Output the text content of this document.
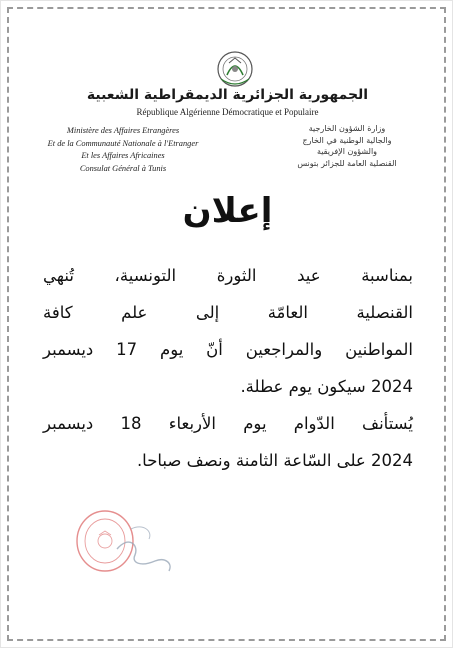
الجمهورية الجزائرية الديمقراطية الشعبية
République Algérienne Démocratique et Populaire
Ministère des Affaires Etrangères
Et de la Communauté Nationale à l'Etranger
Et les Affaires Africaines
Consulat Général à Tunis
وزارة الشؤون الخارجية
والجالية الوطنية في الخارج
والشؤون الإفريقية
القنصلية العامة للجزائر بتونس
إعلان
بمناسبة عيد الثورة التونسية، تُنهي
القنصلية العامّة إلى علم كافة
المواطنين والمراجعين أنّ يوم 17 ديسمبر
2024 سيكون يوم عطلة.
يُستأنف الدّوام يوم الأربعاء 18 ديسمبر
2024 على السّاعة الثامنة ونصف صباحا.
